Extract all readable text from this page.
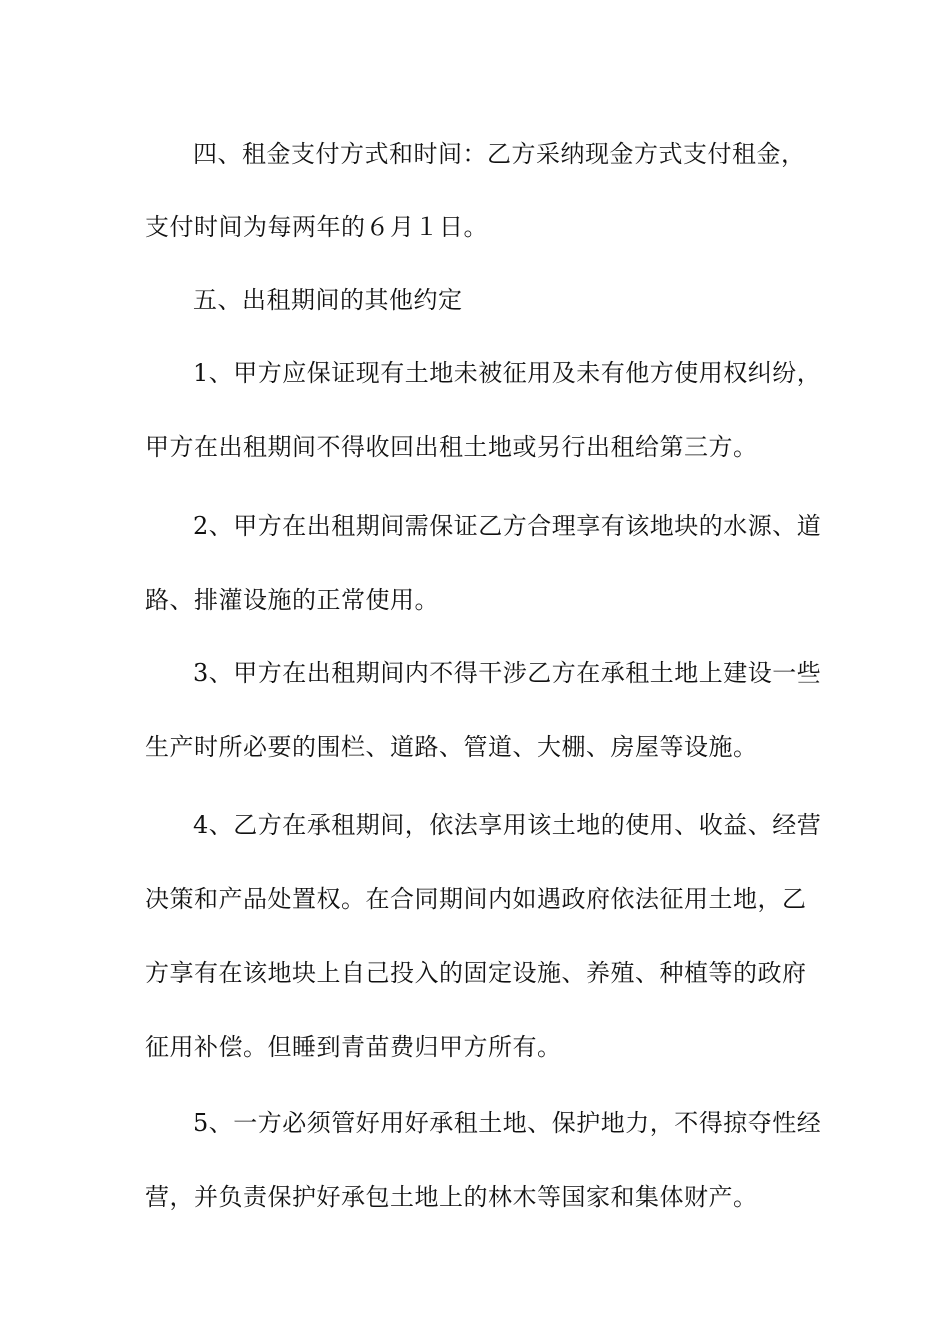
四、租金支付方式和时间：乙方采纳现金方式支付租金，
支付时间为每两年的６月１日。
五、出租期间的其他约定
1、甲方应保证现有土地未被征用及未有他方使用权纠纷，
甲方在出租期间不得收回出租土地或另行出租给第三方。
2、甲方在出租期间需保证乙方合理享有该地块的水源、道
路、排灌设施的正常使用。
3、甲方在出租期间内不得干涉乙方在承租土地上建设一些
生产时所必要的围栏、道路、管道、大棚、房屋等设施。
4、乙方在承租期间，依法享用该土地的使用、收益、经营
决策和产品处置权。在合同期间内如遇政府依法征用土地，乙
方享有在该地块上自己投入的固定设施、养殖、种植等的政府
征用补偿。但睡到青苗费归甲方所有。
5、一方必须管好用好承租土地、保护地力，不得掠夺性经
营，并负责保护好承包土地上的林木等国家和集体财产。
